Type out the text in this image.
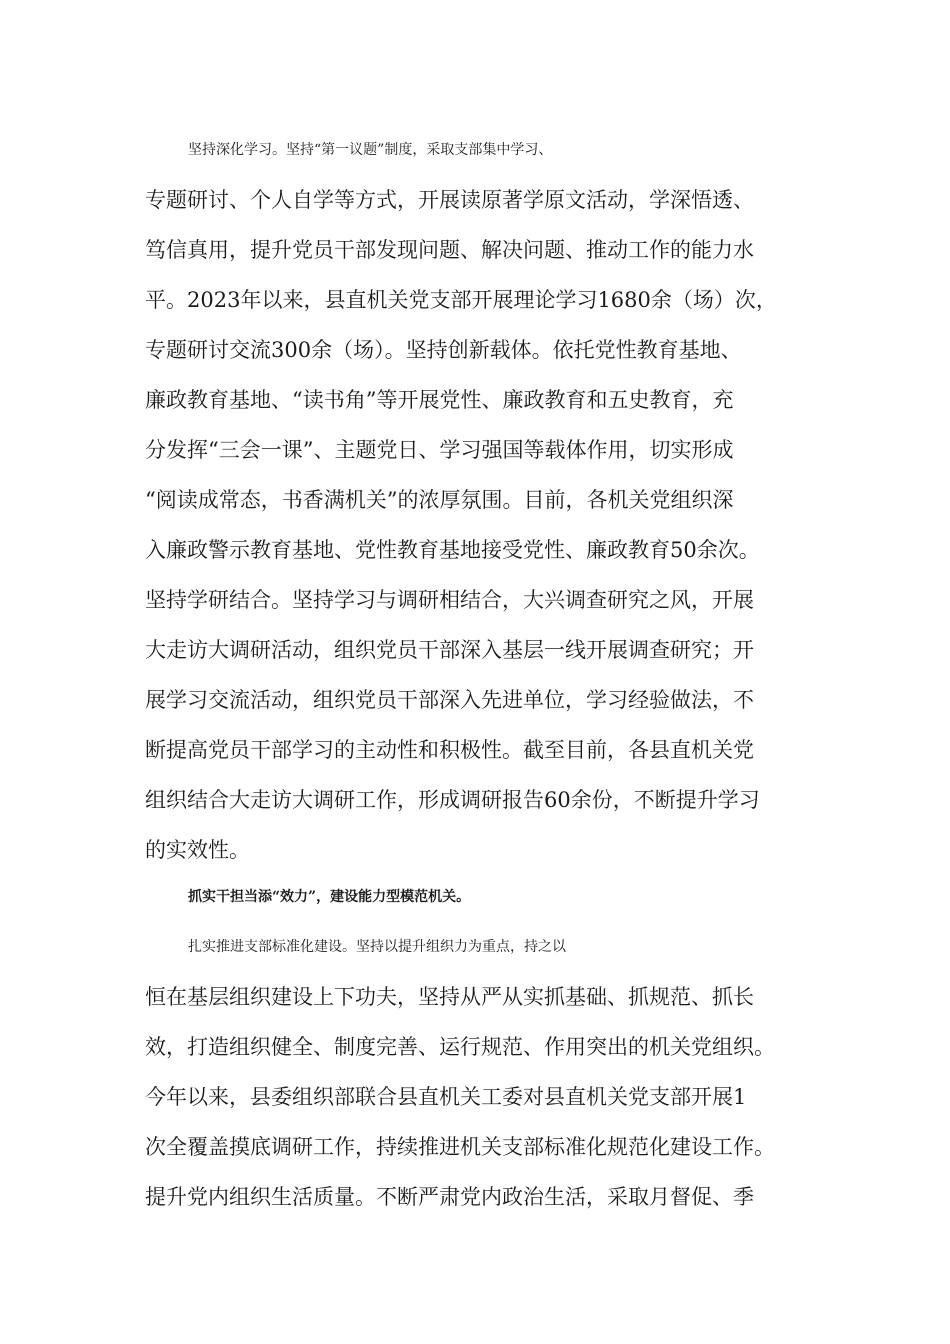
坚持深化学习。坚持“第一议题”制度，采取支部集中学习、
专题研讨、个人自学等方式，开展读原著学原文活动，学深悟透、
笃信真用，提升党员干部发现问题、解决问题、推动工作的能力水
平。2023年以来，县直机关党支部开展理论学习1680余（场）次，
专题研讨交流300余（场）。坚持创新载体。依托党性教育基地、
廉政教育基地、“读书角”等开展党性、廉政教育和五史教育，充
分发挥“三会一课”、主题党日、学习强国等载体作用，切实形成
“阅读成常态，书香满机关”的浓厚氛围。目前，各机关党组织深
入廉政警示教育基地、党性教育基地接受党性、廉政教育50余次。
坚持学研结合。坚持学习与调研相结合，大兴调查研究之风，开展
大走访大调研活动，组织党员干部深入基层一线开展调查研究；开
展学习交流活动，组织党员干部深入先进单位，学习经验做法，不
断提高党员干部学习的主动性和积极性。截至目前，各县直机关党
组织结合大走访大调研工作，形成调研报告60余份，不断提升学习
的实效性。
抓实干担当添“效力”，建设能力型模范机关。
扎实推进支部标准化建设。坚持以提升组织力为重点，持之以
恒在基层组织建设上下功夫，坚持从严从实抓基础、抓规范、抓长
效，打造组织健全、制度完善、运行规范、作用突出的机关党组织。
今年以来，县委组织部联合县直机关工委对县直机关党支部开展1
次全覆盖摸底调研工作，持续推进机关支部标准化规范化建设工作。
提升党内组织生活质量。不断严肃党内政治生活，采取月督促、季
